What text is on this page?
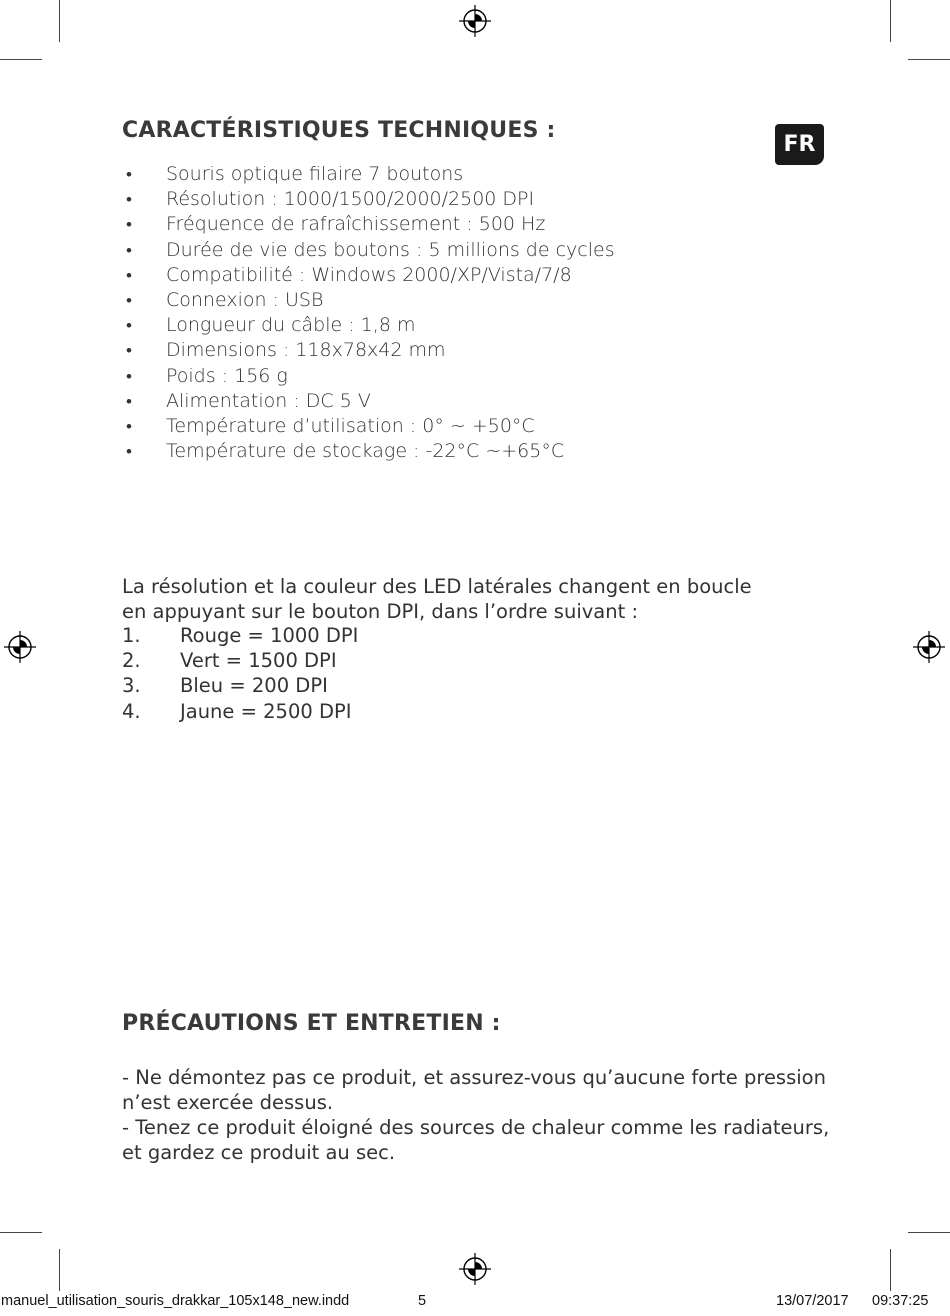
CARACTÉRISTIQUES TECHNIQUES :
FR
• Souris optique filaire 7 boutons
• Résolution : 1000/1500/2000/2500 DPI
• Fréquence de rafraîchissement : 500 Hz
• Durée de vie des boutons : 5 millions de cycles
• Compatibilité : Windows 2000/XP/Vista/7/8
• Connexion : USB
• Longueur du câble : 1,8 m
• Dimensions : 118x78x42 mm
• Poids : 156 g
• Alimentation : DC 5 V
• Température d’utilisation : 0° ~ +50°C
• Température de stockage : -22°C ~+65°C

La résolution et la couleur des LED latérales changent en boucle

en appuyant sur le bouton DPI, dans l’ordre suivant :

1. Rouge = 1000 DPI
2. Vert = 1500 DPI
3. Bleu = 200 DPI
4. Jaune = 2500 DPI
PRÉCAUTIONS ET ENTRETIEN :

- Ne démontez pas ce produit, et assurez-vous qu’aucune forte pression

n’est exercée dessus.

- Tenez ce produit éloigné des sources de chaleur comme les radiateurs,

et gardez ce produit au sec.

manuel_utilisation_souris_drakkar_105x148_new.indd	5	13/07/2017 09:37:25
